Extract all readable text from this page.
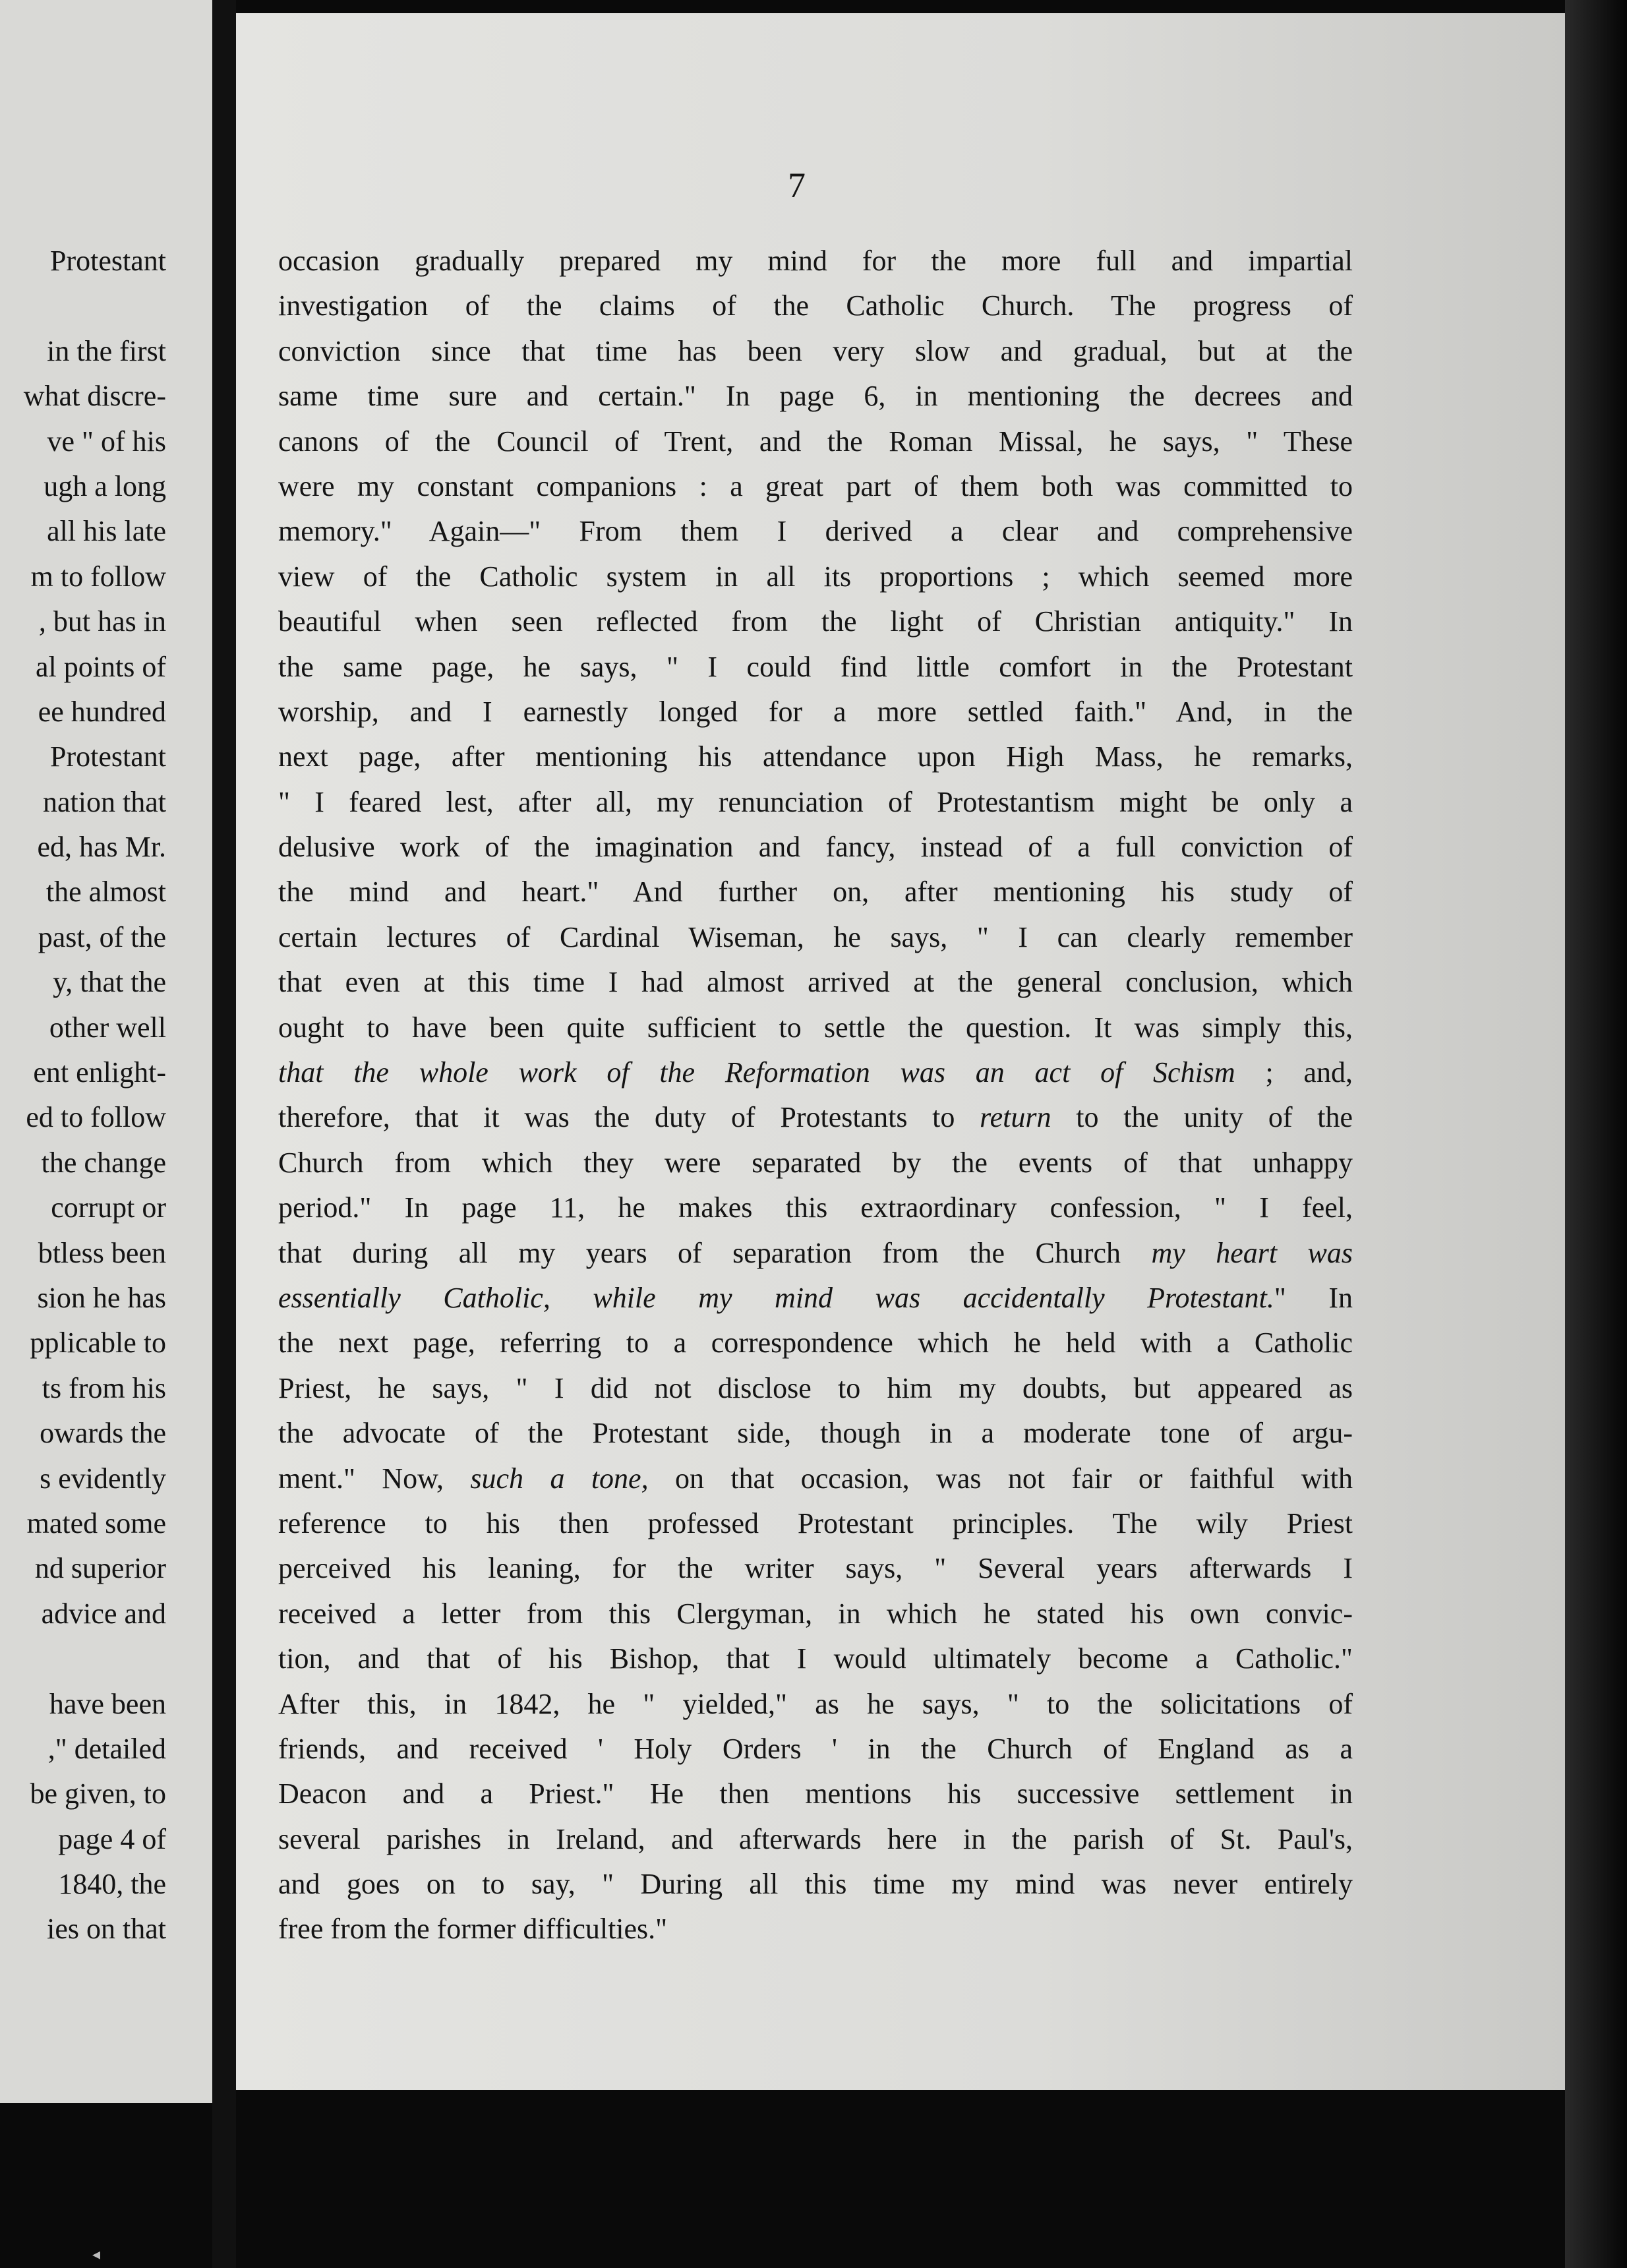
Protestant
in the first
what discre-
ve " of his
ugh a long
all his late
m to follow
, but has in
al points of
ee hundred
Protestant
nation that
ed, has Mr.
the almost
past, of the
y, that the
other well
ent enlight-
ed to follow
the change
corrupt or
btless been
sion he has
pplicable to
ts from his
owards the
s evidently
mated some
nd superior
advice and
have been
," detailed
be given, to
page 4 of
1840, the
ies on that
7
occasion gradually prepared my mind for the more full and impartial
investigation of the claims of the Catholic Church. The progress of
conviction since that time has been very slow and gradual, but at the
same time sure and certain." In page 6, in mentioning the decrees and
canons of the Council of Trent, and the Roman Missal, he says, " These
were my constant companions : a great part of them both was committed to
memory." Again—" From them I derived a clear and comprehensive
view of the Catholic system in all its proportions ; which seemed more
beautiful when seen reflected from the light of Christian antiquity." In
the same page, he says, " I could find little comfort in the Protestant
worship, and I earnestly longed for a more settled faith." And, in the
next page, after mentioning his attendance upon High Mass, he remarks,
" I feared lest, after all, my renunciation of Protestantism might be only a
delusive work of the imagination and fancy, instead of a full conviction of
the mind and heart." And further on, after mentioning his study of
certain lectures of Cardinal Wiseman, he says, " I can clearly remember
that even at this time I had almost arrived at the general conclusion, which
ought to have been quite sufficient to settle the question. It was simply this,
that the whole work of the Reformation was an act of Schism ; and,
therefore, that it was the duty of Protestants to return to the unity of the
Church from which they were separated by the events of that unhappy
period." In page 11, he makes this extraordinary confession, " I feel,
that during all my years of separation from the Church my heart was
essentially Catholic, while my mind was accidentally Protestant." In
the next page, referring to a correspondence which he held with a Catholic
Priest, he says, " I did not disclose to him my doubts, but appeared as
the advocate of the Protestant side, though in a moderate tone of argu-
ment." Now, such a tone, on that occasion, was not fair or faithful with
reference to his then professed Protestant principles. The wily Priest
perceived his leaning, for the writer says, " Several years afterwards I
received a letter from this Clergyman, in which he stated his own convic-
tion, and that of his Bishop, that I would ultimately become a Catholic."
After this, in 1842, he " yielded," as he says, " to the solicitations of
friends, and received ' Holy Orders ' in the Church of England as a
Deacon and a Priest." He then mentions his successive settlement in
several parishes in Ireland, and afterwards here in the parish of St. Paul's,
and goes on to say, " During all this time my mind was never entirely
free from the former difficulties."
◂
